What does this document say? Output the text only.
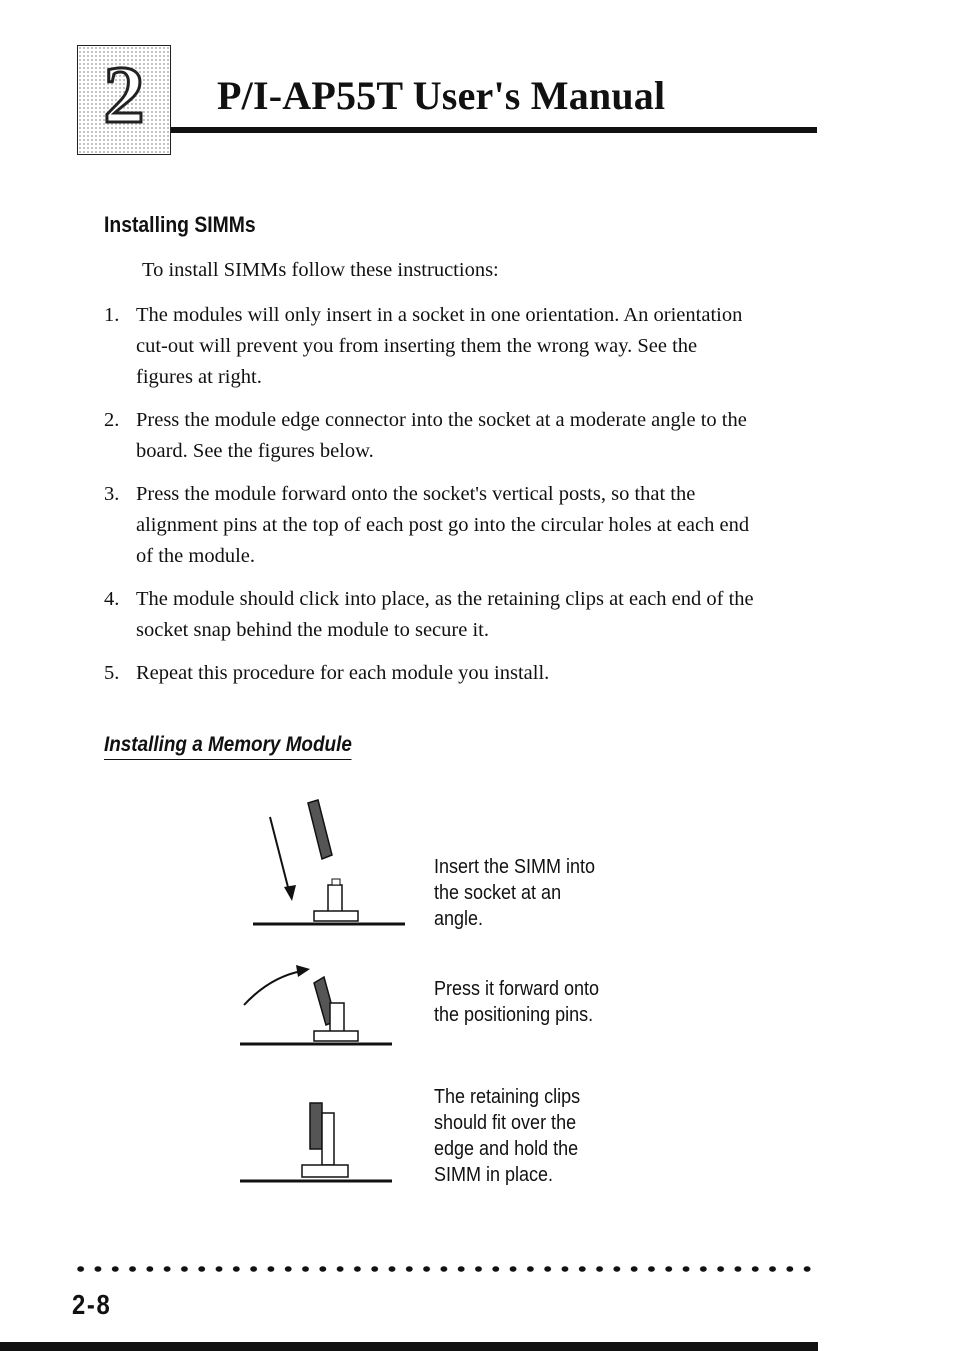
2	P/I-AP55T User's Manual
Installing SIMMs
To install SIMMs follow these instructions:
1. The modules will only insert in a socket in one orientation. An orientation cut-out will prevent you from inserting them the wrong way. See the figures at right.
2. Press the module edge connector into the socket at a moderate angle to the board. See the figures below.
3. Press the module forward onto the socket's vertical posts, so that the alignment pins at the top of each post go into the circular holes at each end of the module.
4. The module should click into place, as the retaining clips at each end of the socket snap behind the module to secure it.
5. Repeat this procedure for each module you install.
Installing a Memory Module
Insert the SIMM into the socket at an angle.
Press it forward onto the positioning pins.
The retaining clips should fit over the edge and hold the SIMM in place.
2-8
